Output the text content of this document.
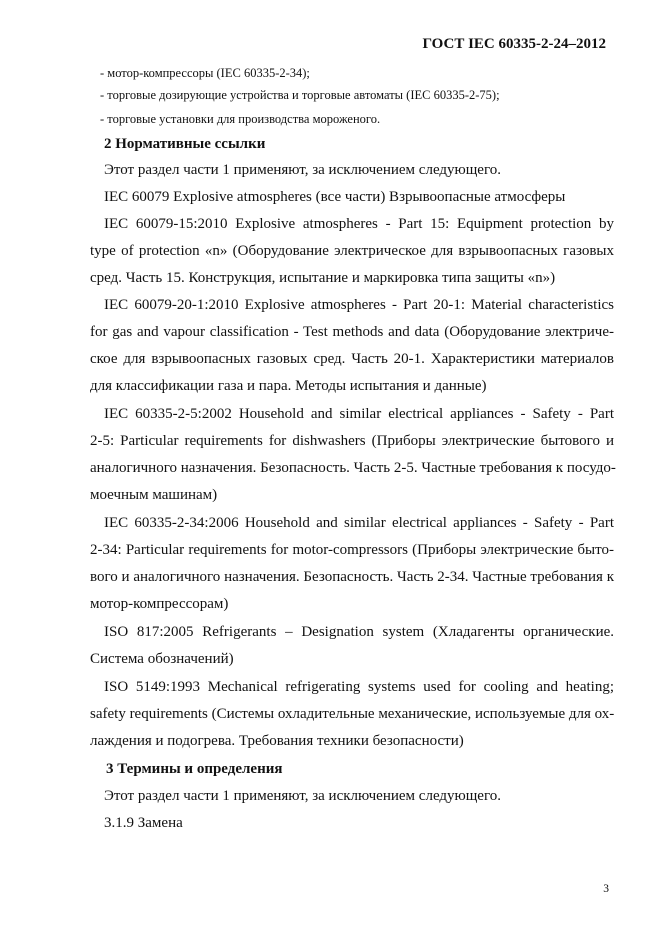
ГОСТ IEC 60335-2-24–2012
- мотор-компрессоры (IEC 60335-2-34);
- торговые дозирующие устройства и торговые автоматы (IEC 60335-2-75);
- торговые установки для производства мороженого.
2 Нормативные ссылки
Этот раздел части 1 применяют, за исключением следующего.
IEC 60079 Explosive atmospheres (все части) Взрывоопасные атмосферы
IEC 60079-15:2010 Explosive atmospheres - Part 15: Equipment protection by
type of protection «n» (Оборудование электрическое для взрывоопасных газовых
сред. Часть 15. Конструкция, испытание и маркировка типа защиты «n»)
IEC 60079-20-1:2010 Explosive atmospheres - Part 20-1: Material characteristics
for gas and vapour classification - Test methods and data (Оборудование электриче-
ское для взрывоопасных газовых сред. Часть 20-1. Характеристики материалов
для классификации газа и пара. Методы испытания и данные)
IEC 60335-2-5:2002 Household and similar electrical appliances - Safety - Part
2-5: Particular requirements for dishwashers (Приборы электрические бытового и
аналогичного назначения. Безопасность. Часть 2-5. Частные требования к посудо-
моечным машинам)
IEC 60335-2-34:2006 Household and similar electrical appliances - Safety - Part
2-34: Particular requirements for motor-compressors (Приборы электрические быто-
вого и аналогичного назначения. Безопасность. Часть 2-34. Частные требования к
мотор-компрессорам)
ISO 817:2005 Refrigerants – Designation system (Хладагенты органические.
Система обозначений)
ISO 5149:1993 Mechanical refrigerating systems used for cooling and heating;
safety requirements (Системы охладительные механические, используемые для ох-
лаждения и подогрева. Требования техники безопасности)
3 Термины и определения
Этот раздел части 1 применяют, за исключением следующего.
3.1.9 Замена
3
